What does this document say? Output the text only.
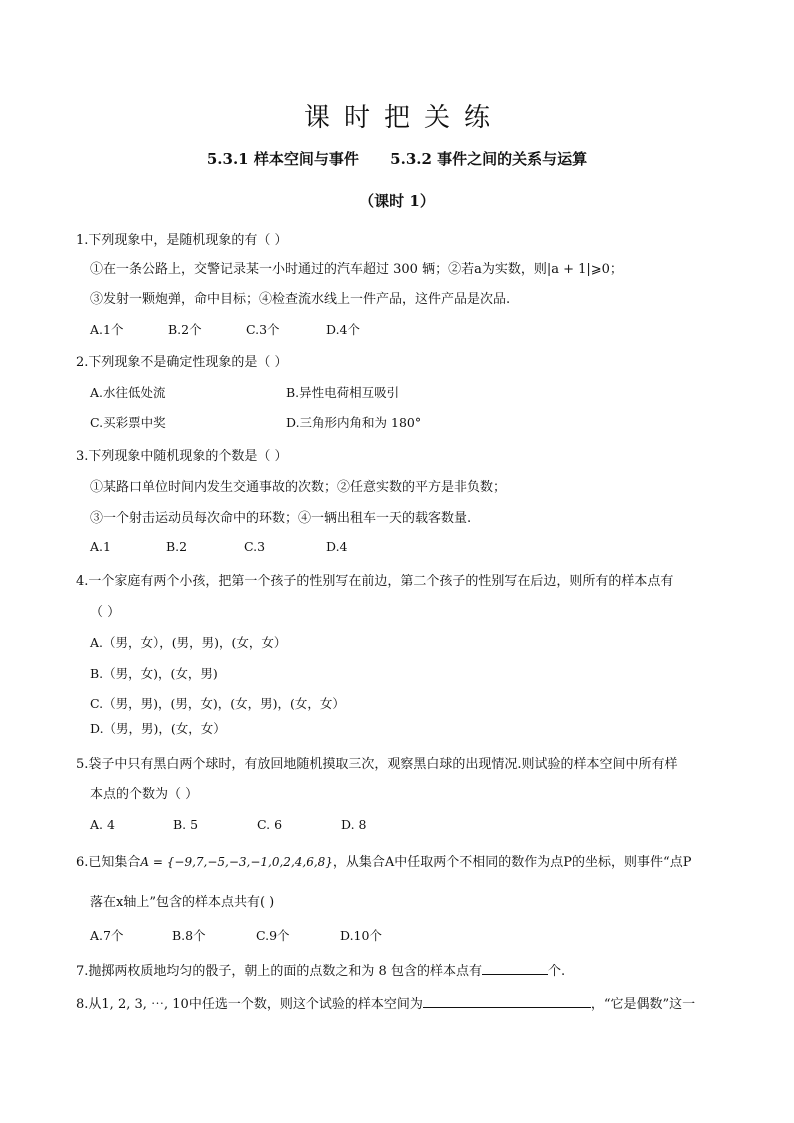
课时把关练
5.3.1 样本空间与事件      5.3.2 事件之间的关系与运算
（课时 1）
1.下列现象中，是随机现象的有（ ）
①在一条公路上，交警记录某一小时通过的汽车超过 300 辆；②若a为实数，则|a + 1|⩾0；
③发射一颗炮弹，命中目标；④检查流水线上一件产品，这件产品是次品.
A.1个	B.2个	C.3个	D.4个
2.下列现象不是确定性现象的是（ ）
A.水往低处流	B.异性电荷相互吸引
C.买彩票中奖	D.三角形内角和为 180°
3.下列现象中随机现象的个数是（ ）
①某路口单位时间内发生交通事故的次数；②任意实数的平方是非负数；
③一个射击运动员每次命中的环数；④一辆出租车一天的载客数量.
A.1	B.2	C.3	D.4
4.一个家庭有两个小孩，把第一个孩子的性别写在前边，第二个孩子的性别写在后边，则所有的样本点有
（ ）
A.（男，女），(男，男)，(女，女）
B.（男，女)，(女，男)
C.（男，男)，(男，女)，(女，男)，(女，女）
D.（男，男)，(女，女）
5.袋子中只有黑白两个球时，有放回地随机摸取三次，观察黑白球的出现情况.则试验的样本空间中所有样
本点的个数为（ ）
A. 4	B. 5	C. 6	D. 8
6.已知集合A = {−9,7,−5,−3,−1,0,2,4,6,8}，从集合A中任取两个不相同的数作为点P的坐标，则事件“点P
落在x轴上”包含的样本点共有( )
A.7个	B.8个	C.9个	D.10个
7.抛掷两枚质地均匀的骰子，朝上的面的点数之和为 8 包含的样本点有	个.
8.从1, 2, 3, ⋯, 10中任选一个数，则这个试验的样本空间为	，“它是偶数”这一
